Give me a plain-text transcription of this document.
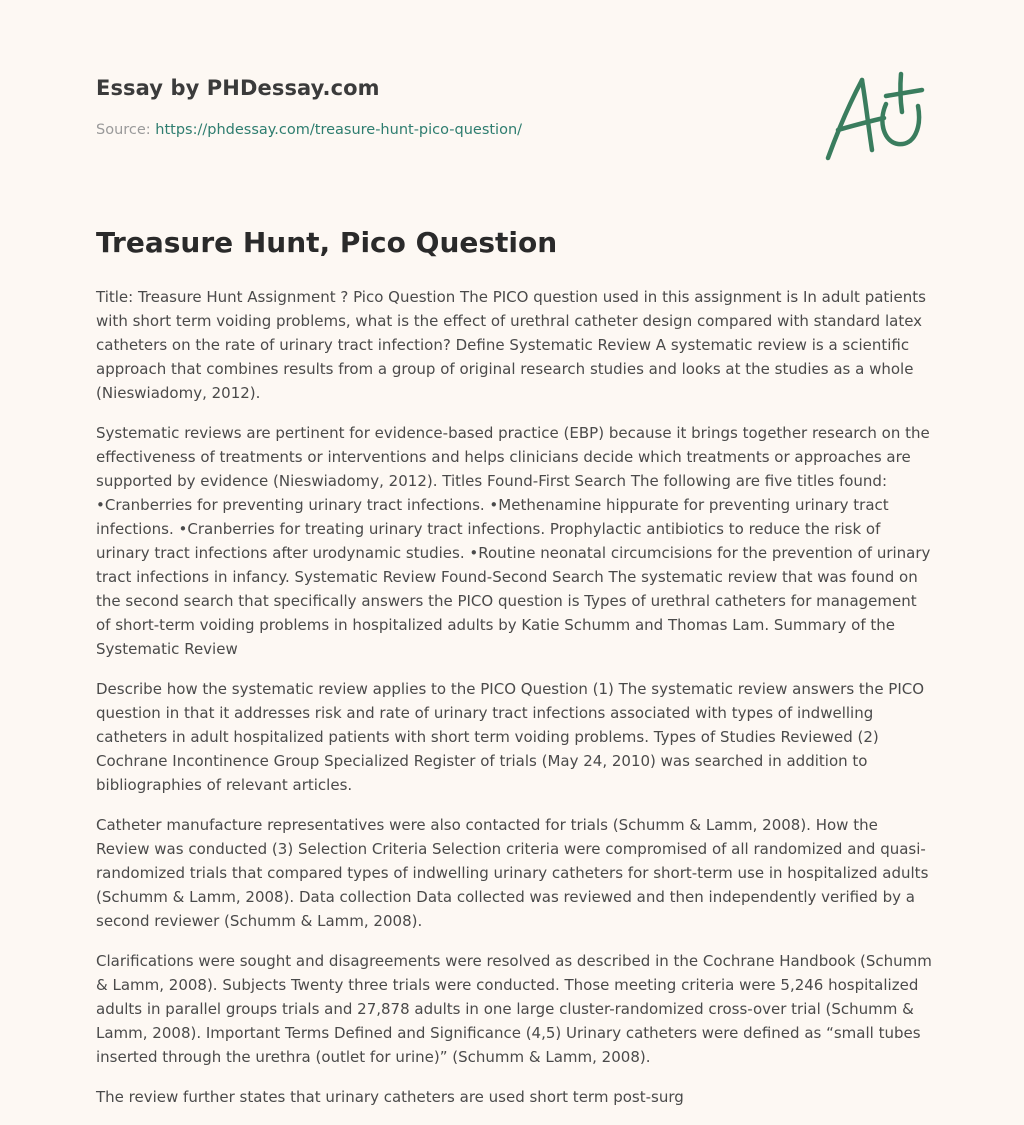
Essay by PHDessay.com
Source: https://phdessay.com/treasure-hunt-pico-question/
Treasure Hunt, Pico Question

Title: Treasure Hunt Assignment ? Pico Question The PICO question used in this assignment is In adult patients with short term voiding problems, what is the effect of urethral catheter design compared with standard latex catheters on the rate of urinary tract infection? Define Systematic Review A systematic review is a scientific approach that combines results from a group of original research studies and looks at the studies as a whole (Nieswiadomy, 2012).

Systematic reviews are pertinent for evidence-based practice (EBP) because it brings together research on the effectiveness of treatments or interventions and helps clinicians decide which treatments or approaches are supported by evidence (Nieswiadomy, 2012). Titles Found-First Search The following are five titles found: •Cranberries for preventing urinary tract infections. •Methenamine hippurate for preventing urinary tract infections. •Cranberries for treating urinary tract infections. Prophylactic antibiotics to reduce the risk of urinary tract infections after urodynamic studies. •Routine neonatal circumcisions for the prevention of urinary tract infections in infancy. Systematic Review Found-Second Search The systematic review that was found on the second search that specifically answers the PICO question is Types of urethral catheters for management of short-term voiding problems in hospitalized adults by Katie Schumm and Thomas Lam. Summary of the Systematic Review

Describe how the systematic review applies to the PICO Question (1) The systematic review answers the PICO question in that it addresses risk and rate of urinary tract infections associated with types of indwelling catheters in adult hospitalized patients with short term voiding problems. Types of Studies Reviewed (2) Cochrane Incontinence Group Specialized Register of trials (May 24, 2010) was searched in addition to bibliographies of relevant articles.

Catheter manufacture representatives were also contacted for trials (Schumm & Lamm, 2008). How the Review was conducted (3) Selection Criteria Selection criteria were compromised of all randomized and quasi-randomized trials that compared types of indwelling urinary catheters for short-term use in hospitalized adults (Schumm & Lamm, 2008). Data collection Data collected was reviewed and then independently verified by a second reviewer (Schumm & Lamm, 2008).

Clarifications were sought and disagreements were resolved as described in the Cochrane Handbook (Schumm & Lamm, 2008). Subjects Twenty three trials were conducted. Those meeting criteria were 5,246 hospitalized adults in parallel groups trials and 27,878 adults in one large cluster-randomized cross-over trial (Schumm & Lamm, 2008). Important Terms Defined and Significance (4,5) Urinary catheters were defined as “small tubes inserted through the urethra (outlet for urine)” (Schumm & Lamm, 2008).

The review further states that urinary catheters are used short term post-surg
